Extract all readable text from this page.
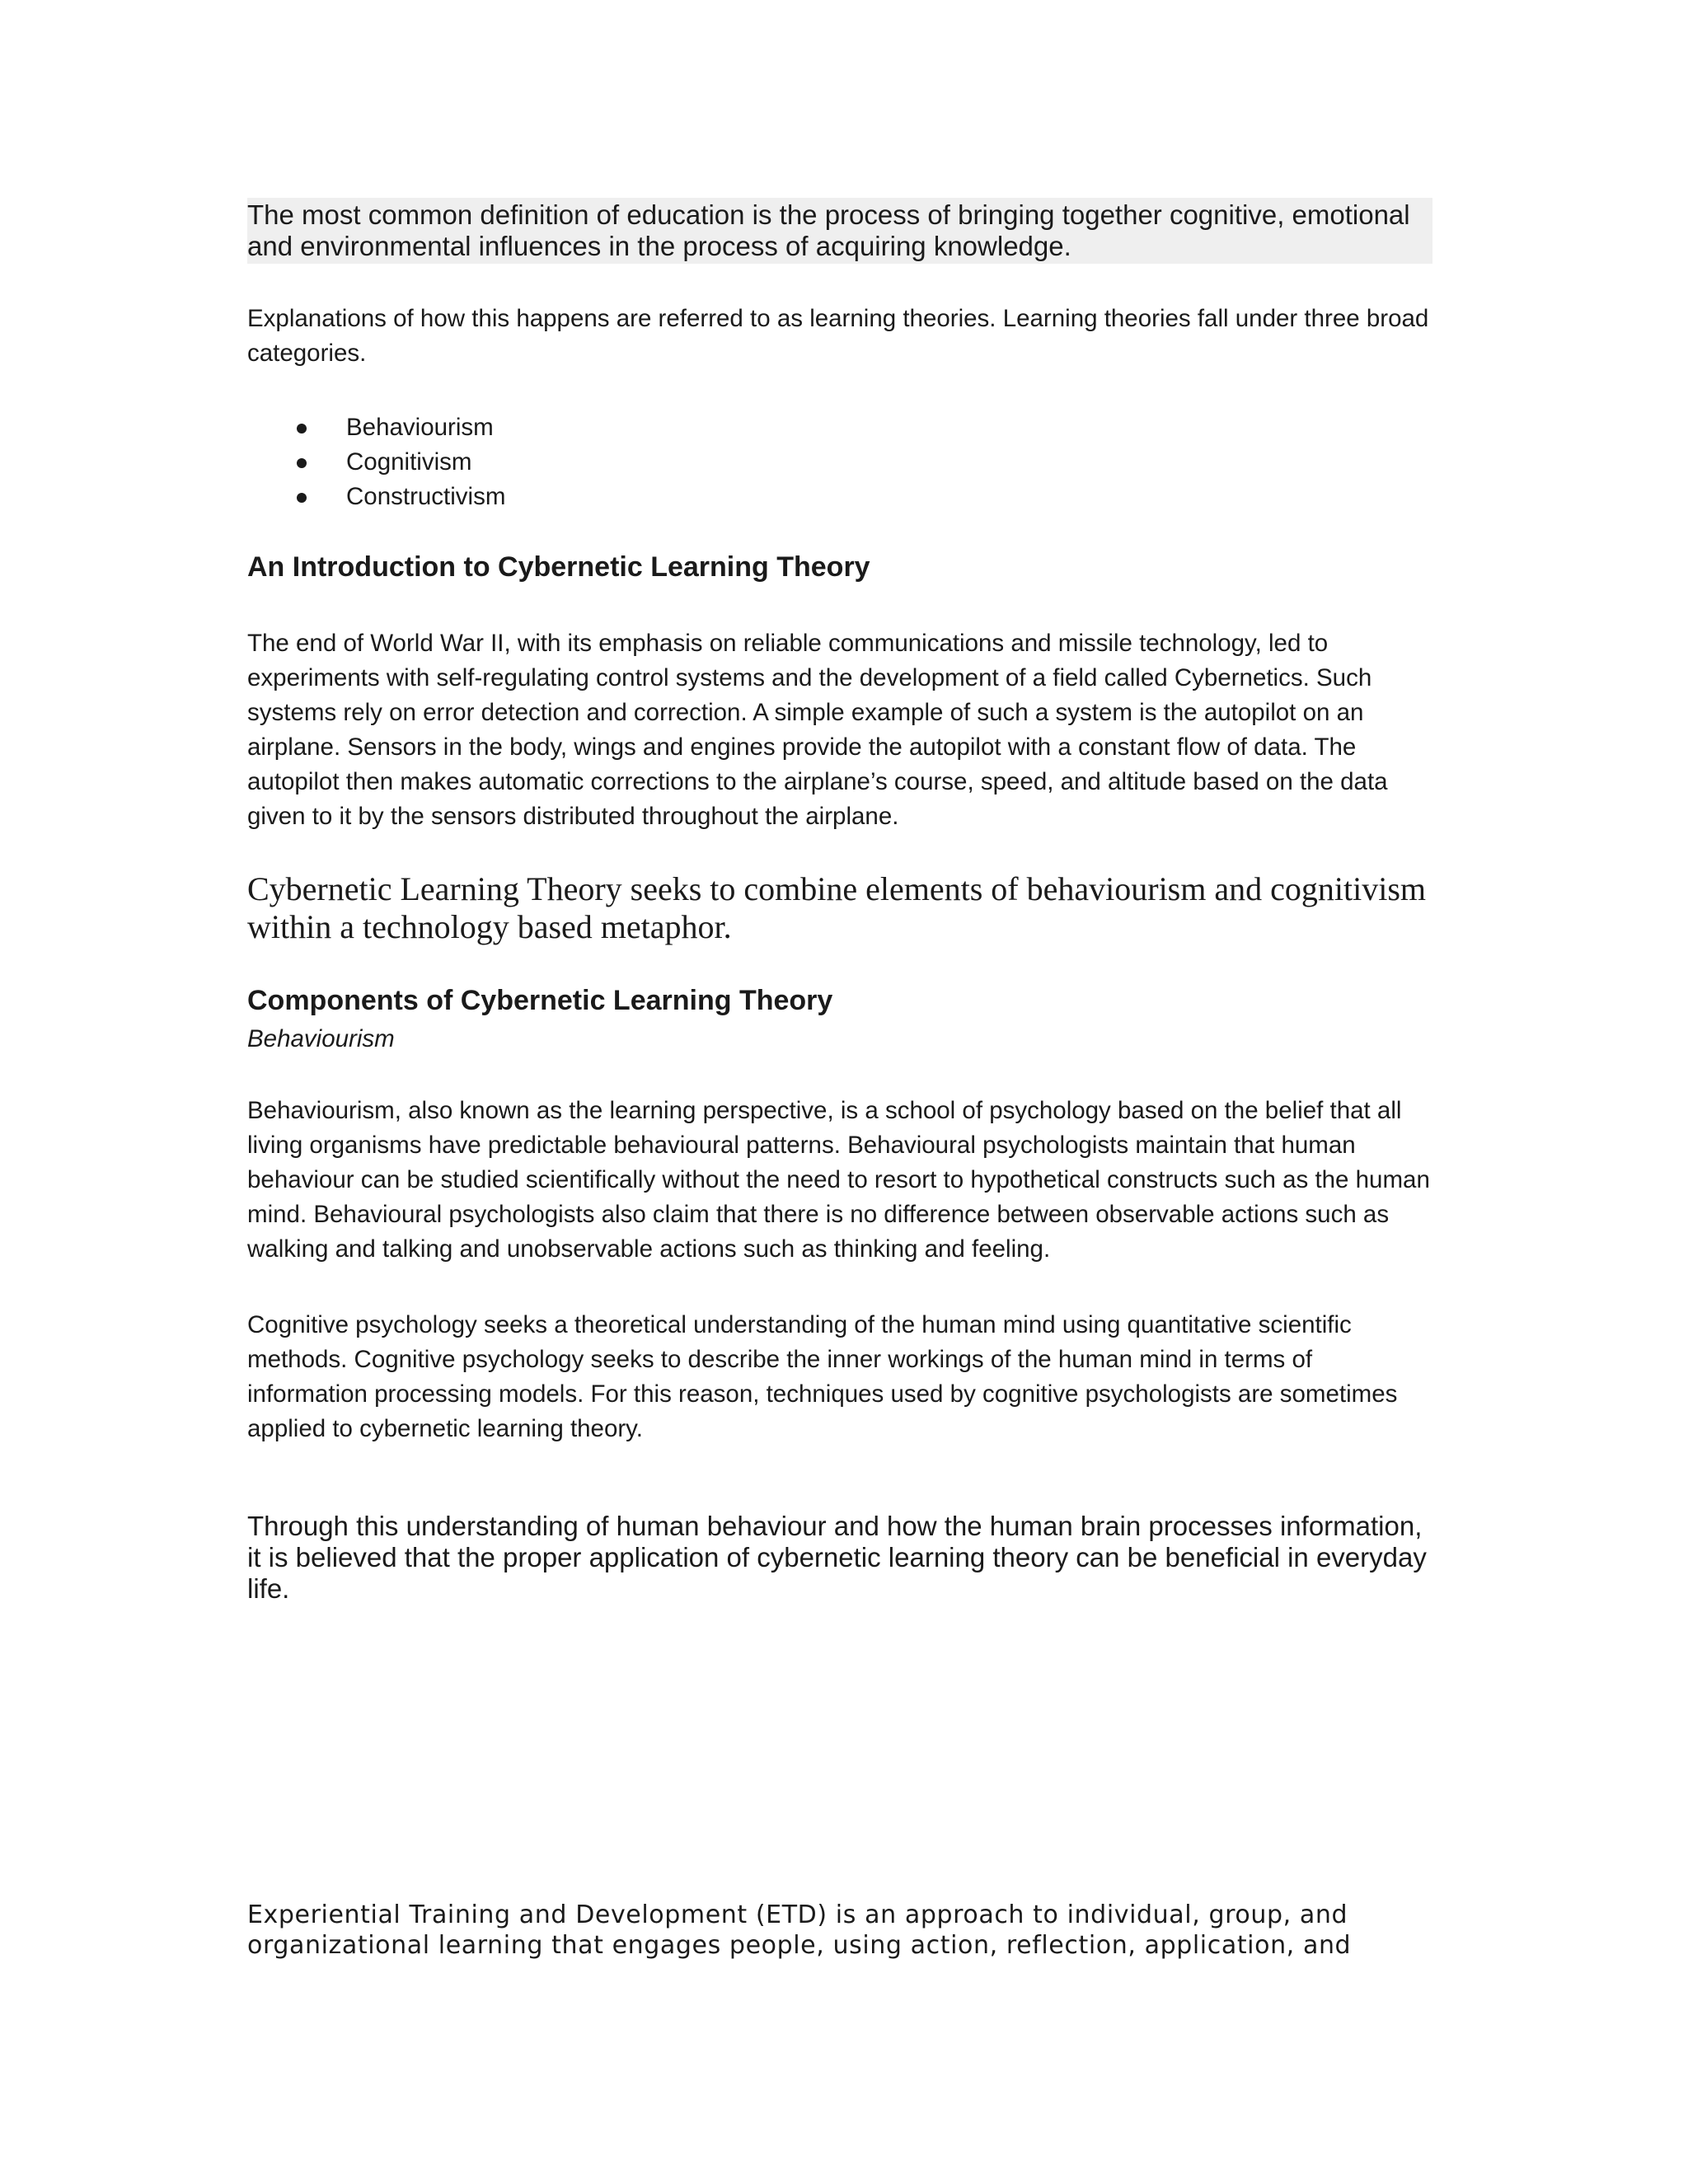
The most common definition of education is the process of bringing together cognitive, emotional and environmental influences in the process of acquiring knowledge.

Explanations of how this happens are referred to as learning theories. Learning theories fall under three broad categories.

Behaviourism
Cognitivism
Constructivism
An Introduction to Cybernetic Learning Theory

The end of World War II, with its emphasis on reliable communications and missile technology, led to experiments with self-regulating control systems and the development of a field called Cybernetics. Such systems rely on error detection and correction. A simple example of such a system is the autopilot on an airplane. Sensors in the body, wings and engines provide the autopilot with a constant flow of data. The autopilot then makes automatic corrections to the airplane’s course, speed, and altitude based on the data given to it by the sensors distributed throughout the airplane.

Cybernetic Learning Theory seeks to combine elements of behaviourism and cognitivism within a technology based metaphor.

Components of Cybernetic Learning Theory

Behaviourism

Behaviourism, also known as the learning perspective, is a school of psychology based on the belief that all living organisms have predictable behavioural patterns. Behavioural psychologists maintain that human behaviour can be studied scientifically without the need to resort to hypothetical constructs such as the human mind. Behavioural psychologists also claim that there is no difference between observable actions such as walking and talking and unobservable actions such as thinking and feeling.

Cognitive psychology seeks a theoretical understanding of the human mind using quantitative scientific methods. Cognitive psychology seeks to describe the inner workings of the human mind in terms of information processing models. For this reason, techniques used by cognitive psychologists are sometimes applied to cybernetic learning theory.

Through this understanding of human behaviour and how the human brain processes information, it is believed that the proper application of cybernetic learning theory can be beneficial in everyday life.

Experiential Training and Development (ETD) is an approach to individual, group, and organizational learning that engages people, using action, reflection, application, and
